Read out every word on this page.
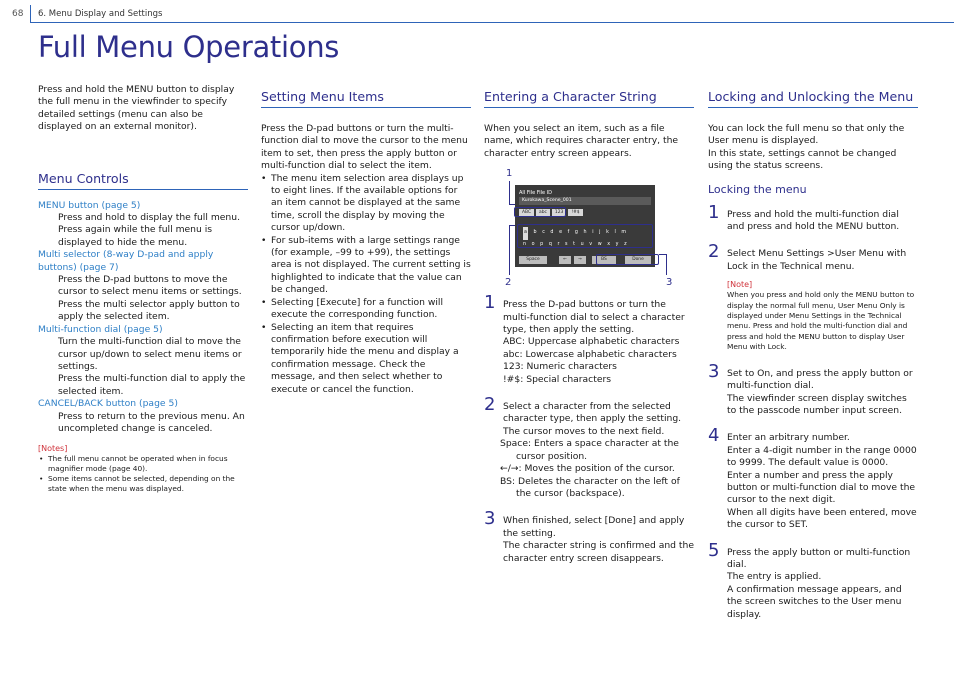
68 6. Menu Display and Settings
Full Menu Operations

Press and hold the MENU button to display the full menu in the viewfinder to specify detailed settings (menu can also be displayed on an external monitor).

Menu Controls

MENU button (page 5)

Press and hold to display the full menu.

Press again while the full menu is displayed to hide the menu.

Multi selector (8-way D-pad and apply buttons) (page 7)

Press the D-pad buttons to move the cursor to select menu items or settings.

Press the multi selector apply button to apply the selected item.

Multi-function dial (page 5)

Turn the multi-function dial to move the cursor up/down to select menu items or settings.

Press the multi-function dial to apply the selected item.

CANCEL/BACK button (page 5)

Press to return to the previous menu. An uncompleted change is canceled.

[Notes]

• The full menu cannot be operated when in focus magnifier mode (page 40).

• Some items cannot be selected, depending on the state when the menu was displayed.

Setting Menu Items

Press the D-pad buttons or turn the multi-function dial to move the cursor to the menu item to set, then press the apply button or multi-function dial to select the item.

• The menu item selection area displays up to eight lines. If the available options for an item cannot be displayed at the same time, scroll the display by moving the cursor up/down.
• For sub-items with a large settings range (for example, –99 to +99), the settings area is not displayed. The current setting is highlighted to indicate that the value can be changed.
• Selecting [Execute] for a function will execute the corresponding function.
• Selecting an item that requires confirmation before execution will temporarily hide the menu and display a confirmation message. Check the message, and then select whether to execute or cancel the function.
Entering a Character String

When you select an item, such as a file name, which requires character entry, the character entry screen appears.

1
2	3
All File File ID
Kurokawa_Scene_001
ABC	abc	123	!#$
a b c d e f g h i j k l m
n o p q r s t u v w x y z
Space	←	→	BS	Done
1 Press the D-pad buttons or turn the multi-function dial to select a character type, then apply the setting.

ABC: Uppercase alphabetic characters

abc: Lowercase alphabetic characters

123: Numeric characters

!#$: Special characters

2 Select a character from the selected character type, then apply the setting.

The cursor moves to the next field.

Space: Enters a space character at the cursor position.

←/→: Moves the position of the cursor.

BS: Deletes the character on the left of the cursor (backspace).

3 When finished, select [Done] and apply the setting.

The character string is confirmed and the character entry screen disappears.

Locking and Unlocking the Menu

You can lock the full menu so that only the User menu is displayed.

In this state, settings cannot be changed using the status screens.

Locking the menu
1 Press and hold the multi-function dial and press and hold the MENU button.

2 Select Menu Settings >User Menu with Lock in the Technical menu.

[Note]

When you press and hold only the MENU button to display the normal full menu, User Menu Only is displayed under Menu Settings in the Technical menu. Press and hold the multi-function dial and press and hold the MENU button to display User Menu with Lock.

3 Set to On, and press the apply button or multi-function dial.

The viewfinder screen display switches to the passcode number input screen.

4 Enter an arbitrary number.

Enter a 4-digit number in the range 0000 to 9999. The default value is 0000.

Enter a number and press the apply button or multi-function dial to move the cursor to the next digit.

When all digits have been entered, move the cursor to SET.

5 Press the apply button or multi-function dial.

The entry is applied.

A confirmation message appears, and the screen switches to the User menu display.
